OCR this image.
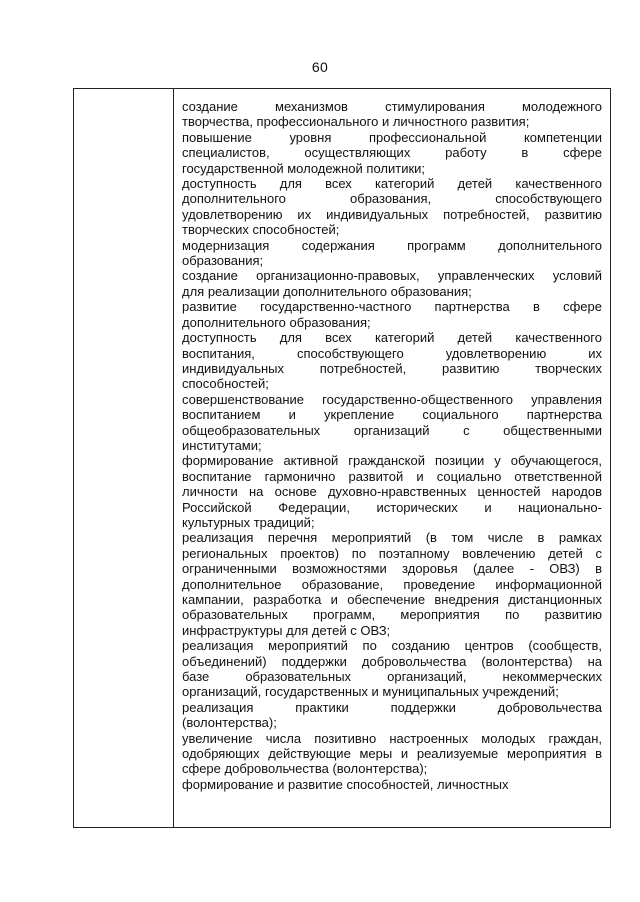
60
создание механизмов стимулирования молодежного
творчества, профессионального и личностного развития;
повышение уровня профессиональной компетенции
специалистов, осуществляющих работу в сфере
государственной молодежной политики;
доступность для всех категорий детей качественного
дополнительного образования, способствующего
удовлетворению их индивидуальных потребностей, развитию
творческих способностей;
модернизация содержания программ дополнительного
образования;
создание организационно-правовых, управленческих условий
для реализации дополнительного образования;
развитие государственно-частного партнерства в сфере
дополнительного образования;
доступность для всех категорий детей качественного
воспитания, способствующего удовлетворению их
индивидуальных потребностей, развитию творческих
способностей;
совершенствование государственно-общественного управления
воспитанием и укрепление социального партнерства
общеобразовательных организаций с общественными
институтами;
формирование активной гражданской позиции у обучающегося,
воспитание гармонично развитой и социально ответственной
личности на основе духовно-нравственных ценностей народов
Российской Федерации, исторических и национально-
культурных традиций;
реализация перечня мероприятий (в том числе в рамках
региональных проектов) по поэтапному вовлечению детей с
ограниченными возможностями здоровья (далее - ОВЗ) в
дополнительное образование, проведение информационной
кампании, разработка и обеспечение внедрения дистанционных
образовательных программ, мероприятия по развитию
инфраструктуры для детей с ОВЗ;
реализация мероприятий по созданию центров (сообществ,
объединений) поддержки добровольчества (волонтерства) на
базе образовательных организаций, некоммерческих
организаций, государственных и муниципальных учреждений;
реализация практики поддержки добровольчества
(волонтерства);
увеличение числа позитивно настроенных молодых граждан,
одобряющих действующие меры и реализуемые мероприятия в
сфере добровольчества (волонтерства);
формирование и развитие способностей, личностных
